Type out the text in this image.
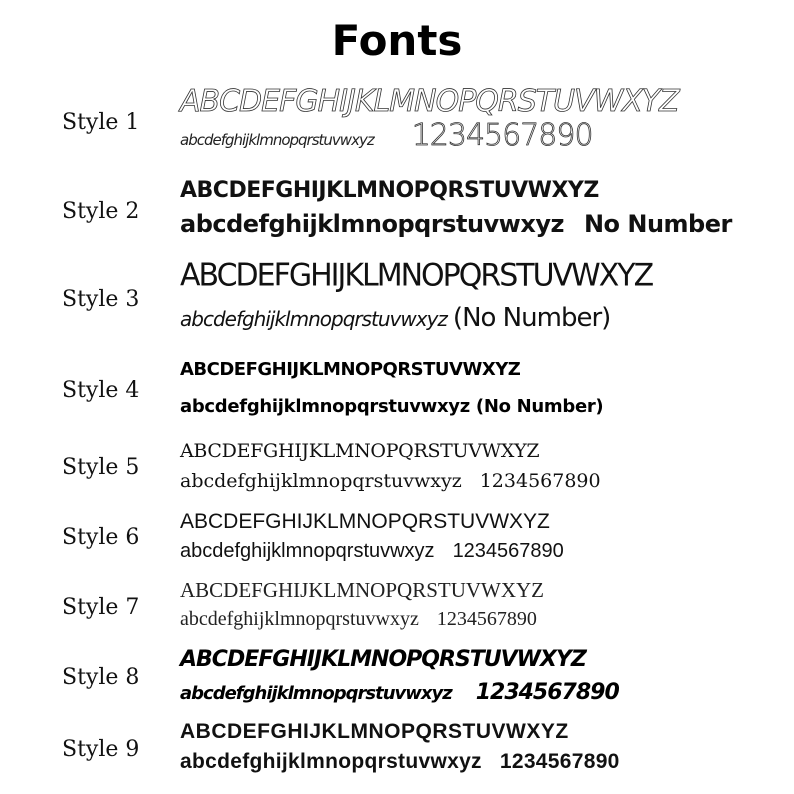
Fonts
Style 1
ABCDEFGHIJKLMNOPQRSTUVWXYZ
abcdefghijklmnopqrstuvwxyz 1234567890
Style 2
ABCDEFGHIJKLMNOPQRSTUVWXYZ
abcdefghijklmnopqrstuvwxyz No Number
Style 3
ABCDEFGHIJKLMNOPQRSTUVWXYZ
abcdefghijklmnopqrstuvwxyz (No Number)
Style 4
ABCDEFGHIJKLMNOPQRSTUVWXYZ
abcdefghijklmnopqrstuvwxyz (No Number)
Style 5
ABCDEFGHIJKLMNOPQRSTUVWXYZ
abcdefghijklmnopqrstuvwxyz 1234567890
Style 6
ABCDEFGHIJKLMNOPQRSTUVWXYZ
abcdefghijklmnopqrstuvwxyz 1234567890
Style 7
ABCDEFGHIJKLMNOPQRSTUVWXYZ
abcdefghijklmnopqrstuvwxyz 1234567890
Style 8
ABCDEFGHIJKLMNOPQRSTUVWXYZ
abcdefghijklmnopqrstuvwxyz 1234567890
Style 9
ABCDEFGHIJKLMNOPQRSTUVWXYZ
abcdefghijklmnopqrstuvwxyz 1234567890
